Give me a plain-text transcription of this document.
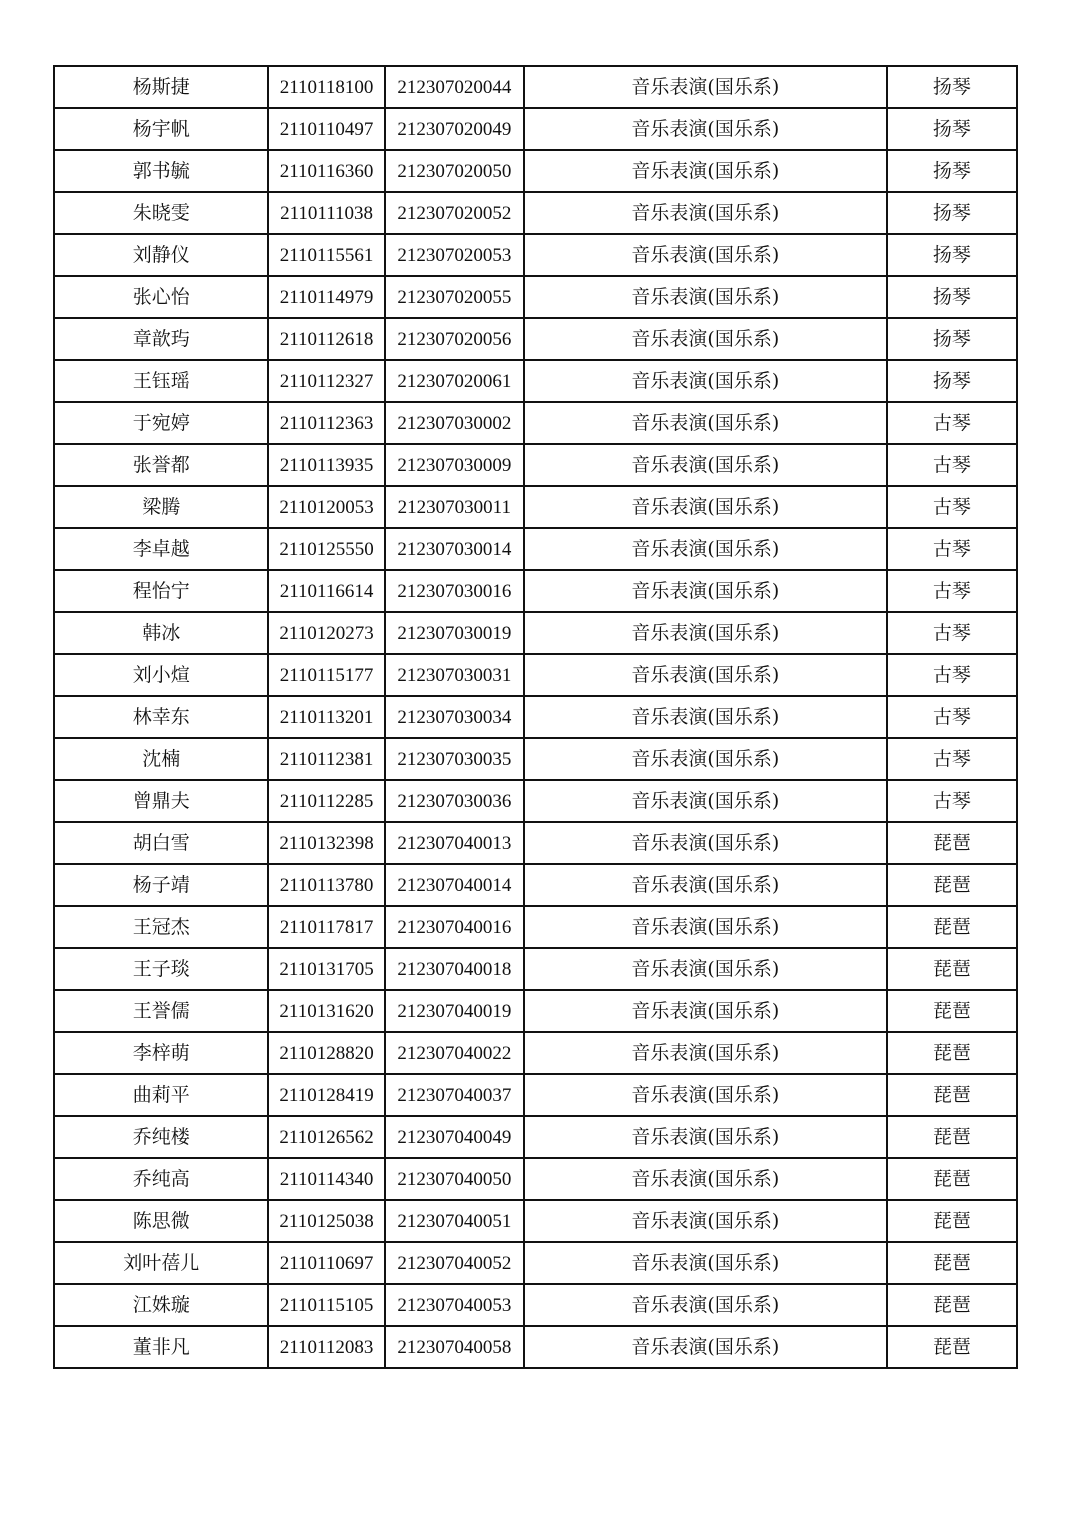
杨斯捷	2110118100	212307020044	音乐表演(国乐系)	扬琴
杨宇帆	2110110497	212307020049	音乐表演(国乐系)	扬琴
郭书毓	2110116360	212307020050	音乐表演(国乐系)	扬琴
朱晓雯	2110111038	212307020052	音乐表演(国乐系)	扬琴
刘静仪	2110115561	212307020053	音乐表演(国乐系)	扬琴
张心怡	2110114979	212307020055	音乐表演(国乐系)	扬琴
章歆玙	2110112618	212307020056	音乐表演(国乐系)	扬琴
王钰瑶	2110112327	212307020061	音乐表演(国乐系)	扬琴
于宛婷	2110112363	212307030002	音乐表演(国乐系)	古琴
张誉都	2110113935	212307030009	音乐表演(国乐系)	古琴
梁腾	2110120053	212307030011	音乐表演(国乐系)	古琴
李卓越	2110125550	212307030014	音乐表演(国乐系)	古琴
程怡宁	2110116614	212307030016	音乐表演(国乐系)	古琴
韩冰	2110120273	212307030019	音乐表演(国乐系)	古琴
刘小煊	2110115177	212307030031	音乐表演(国乐系)	古琴
林幸东	2110113201	212307030034	音乐表演(国乐系)	古琴
沈楠	2110112381	212307030035	音乐表演(国乐系)	古琴
曾鼎夫	2110112285	212307030036	音乐表演(国乐系)	古琴
胡白雪	2110132398	212307040013	音乐表演(国乐系)	琵琶
杨子靖	2110113780	212307040014	音乐表演(国乐系)	琵琶
王冠杰	2110117817	212307040016	音乐表演(国乐系)	琵琶
王子琰	2110131705	212307040018	音乐表演(国乐系)	琵琶
王誉儒	2110131620	212307040019	音乐表演(国乐系)	琵琶
李梓萌	2110128820	212307040022	音乐表演(国乐系)	琵琶
曲莉平	2110128419	212307040037	音乐表演(国乐系)	琵琶
乔纯楼	2110126562	212307040049	音乐表演(国乐系)	琵琶
乔纯高	2110114340	212307040050	音乐表演(国乐系)	琵琶
陈思微	2110125038	212307040051	音乐表演(国乐系)	琵琶
刘叶蓓儿	2110110697	212307040052	音乐表演(国乐系)	琵琶
江姝璇	2110115105	212307040053	音乐表演(国乐系)	琵琶
董非凡	2110112083	212307040058	音乐表演(国乐系)	琵琶
